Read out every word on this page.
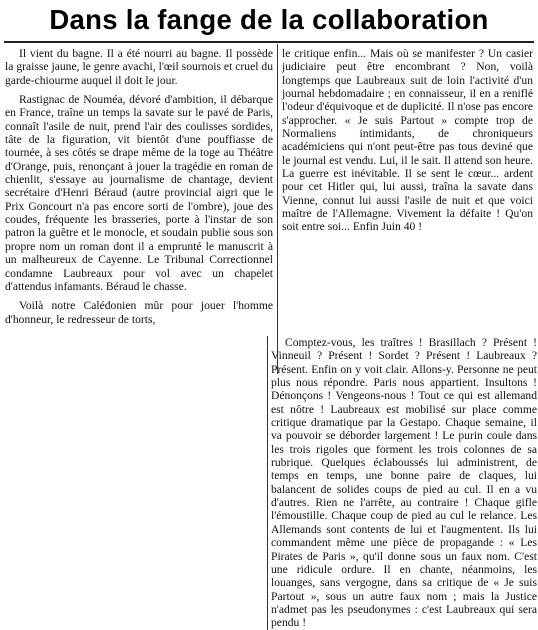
Dans la fange de la collaboration

Il vient du bagne. Il a été nourri au bagne. Il possède la graisse jaune, le genre avachi, l'œil sournois et cruel du garde-chiourme auquel il doit le jour.

Rastignac de Nouméa, dévoré d'ambition, il débarque en France, traîne un temps la savate sur le pavé de Paris, connaît l'asile de nuit, prend l'air des coulisses sordides, tâte de la figuration, vit bientôt d'une pouffiasse de tournée, à ses côtés se drape même de la toge au Théâtre d'Orange, puis, renonçant à jouer la tragédie en roman de chienlit, s'essaye au journalisme de chantage, devient secrétaire d'Henri Béraud (autre provincial aigri que le Prix Goncourt n'a pas encore sorti de l'ombre), joue des coudes, fréquente les brasseries, porte à l'instar de son patron la guêtre et le monocle, et soudain publie sous son propre nom un roman dont il a emprunté le manuscrit à un malheureux de Cayenne. Le Tribunal Correctionnel condamne Laubreaux pour vol avec un chapelet d'attendus infamants. Béraud le chasse.

Voilà notre Calédonien mûr pour jouer l'homme d'honneur, le redresseur de torts,

le critique enfin... Mais où se manifester ? Un casier judiciaire peut être encombrant ? Non, voilà longtemps que Laubreaux suit de loin l'activité d'un journal hebdomadaire ; en connaisseur, il en a reniflé l'odeur d'équivoque et de duplicité. Il n'ose pas encore s'approcher. « Je suis Partout » compte trop de Normaliens intimidants, de chroniqueurs académiciens qui n'ont peut-être pas tous deviné que le journal est vendu. Lui, il le sait. Il attend son heure. La guerre est inévitable. Il se sent le cœur... ardent pour cet Hitler qui, lui aussi, traîna la savate dans Vienne, connut lui aussi l'asile de nuit et que voici maître de l'Allemagne. Vivement la défaite ! Qu'on soit entre soi... Enfin Juin 40 !

Comptez-vous, les traîtres ! Brasillach ? Présent ! Vinneuil ? Présent ! Sordet ? Présent ! Laubreaux ? Présent. Enfin on y voit clair. Allons-y. Personne ne peut plus nous répondre. Paris nous appartient. Insultons ! Dénonçons ! Vengeons-nous ! Tout ce qui est allemand est nôtre ! Laubreaux est mobilisé sur place comme critique dramatique par la Gestapo. Chaque semaine, il va pouvoir se déborder largement ! Le purin coule dans les trois rigoles que forment les trois colonnes de sa rubrique. Quelques éclaboussés lui administrent, de temps en temps, une bonne paire de claques, lui balancent de solides coups de pied au cul. Il en a vu d'autres. Rien ne l'arrête, au contraire ! Chaque gifle l'émoustille. Chaque coup de pied au cul le relance. Les Allemands sont contents de lui et l'augmentent. Ils lui commandent même une pièce de propagande : « Les Pirates de Paris », qu'il donne sous un faux nom. C'est une ridicule ordure. Il en chante, néanmoins, les louanges, sans vergogne, dans sa critique de « Je suis Partout », sous un autre faux nom ; mais la Justice n'admet pas les pseudonymes : c'est Laubreaux qui sera pendu !
